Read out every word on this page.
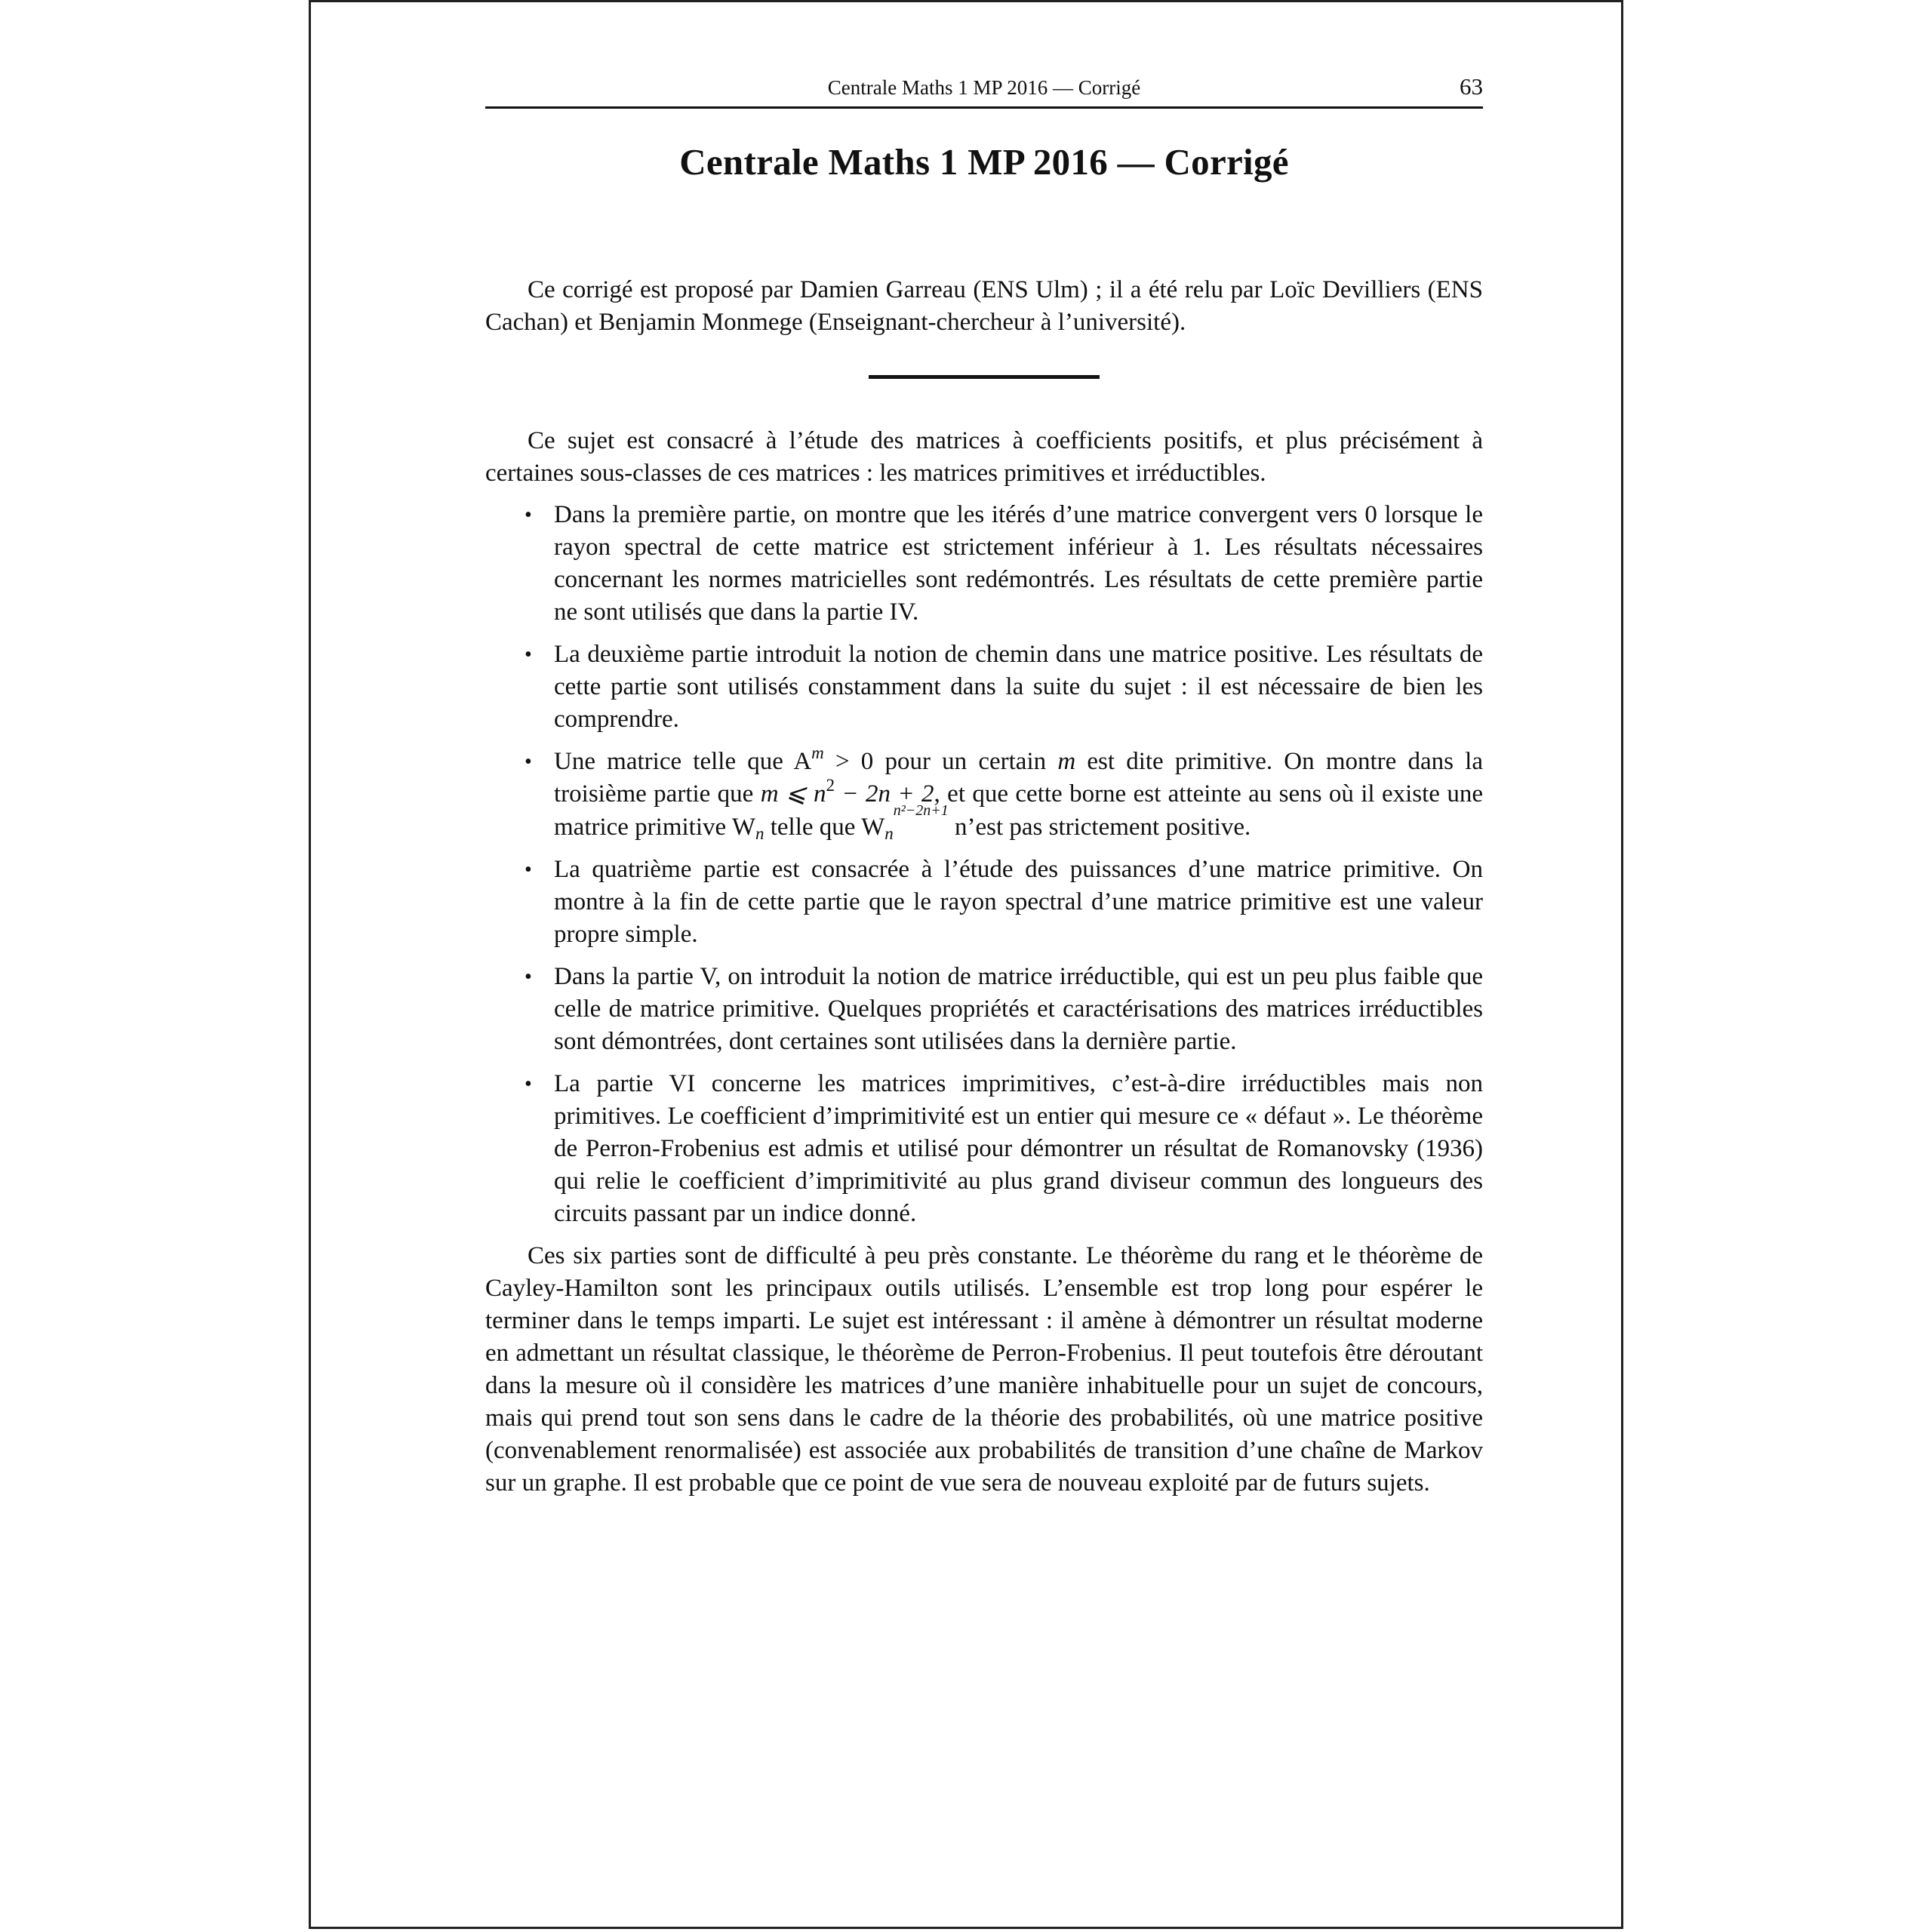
Centrale Maths 1 MP 2016 — Corrigé	63
Centrale Maths 1 MP 2016 — Corrigé

Ce corrigé est proposé par Damien Garreau (ENS Ulm) ; il a été relu par Loïc Devilliers (ENS Cachan) et Benjamin Monmege (Enseignant-chercheur à l’université).

Ce sujet est consacré à l’étude des matrices à coefficients positifs, et plus précisément à certaines sous-classes de ces matrices : les matrices primitives et irréductibles.

• Dans la première partie, on montre que les itérés d’une matrice convergent vers 0 lorsque le rayon spectral de cette matrice est strictement inférieur à 1. Les résultats nécessaires concernant les normes matricielles sont redémontrés. Les résultats de cette première partie ne sont utilisés que dans la partie IV.
• La deuxième partie introduit la notion de chemin dans une matrice positive. Les résultats de cette partie sont utilisés constamment dans la suite du sujet : il est nécessaire de bien les comprendre.
• Une matrice telle que $A^m > 0$ pour un certain m est dite primitive. On montre dans la troisième partie que m ⩽ $n^2 - 2n + 2$, et que cette borne est atteinte au sens où il existe une matrice primitive $W_n$ telle que $W_n^{n^2-2n+1}$ n’est pas strictement positive.
• La quatrième partie est consacrée à l’étude des puissances d’une matrice primitive. On montre à la fin de cette partie que le rayon spectral d’une matrice primitive est une valeur propre simple.
• Dans la partie V, on introduit la notion de matrice irréductible, qui est un peu plus faible que celle de matrice primitive. Quelques propriétés et caractérisations des matrices irréductibles sont démontrées, dont certaines sont utilisées dans la dernière partie.
• La partie VI concerne les matrices imprimitives, c’est-à-dire irréductibles mais non primitives. Le coefficient d’imprimitivité est un entier qui mesure ce « défaut ». Le théorème de Perron-Frobenius est admis et utilisé pour démontrer un résultat de Romanovsky (1936) qui relie le coefficient d’imprimitivité au plus grand diviseur commun des longueurs des circuits passant par un indice donné.

Ces six parties sont de difficulté à peu près constante. Le théorème du rang et le théorème de Cayley-Hamilton sont les principaux outils utilisés. L’ensemble est trop long pour espérer le terminer dans le temps imparti. Le sujet est intéressant : il amène à démontrer un résultat moderne en admettant un résultat classique, le théorème de Perron-Frobenius. Il peut toutefois être déroutant dans la mesure où il considère les matrices d’une manière inhabituelle pour un sujet de concours, mais qui prend tout son sens dans le cadre de la théorie des probabilités, où une matrice positive (convenablement renormalisée) est associée aux probabilités de transition d’une chaîne de Markov sur un graphe. Il est probable que ce point de vue sera de nouveau exploité par de futurs sujets.
